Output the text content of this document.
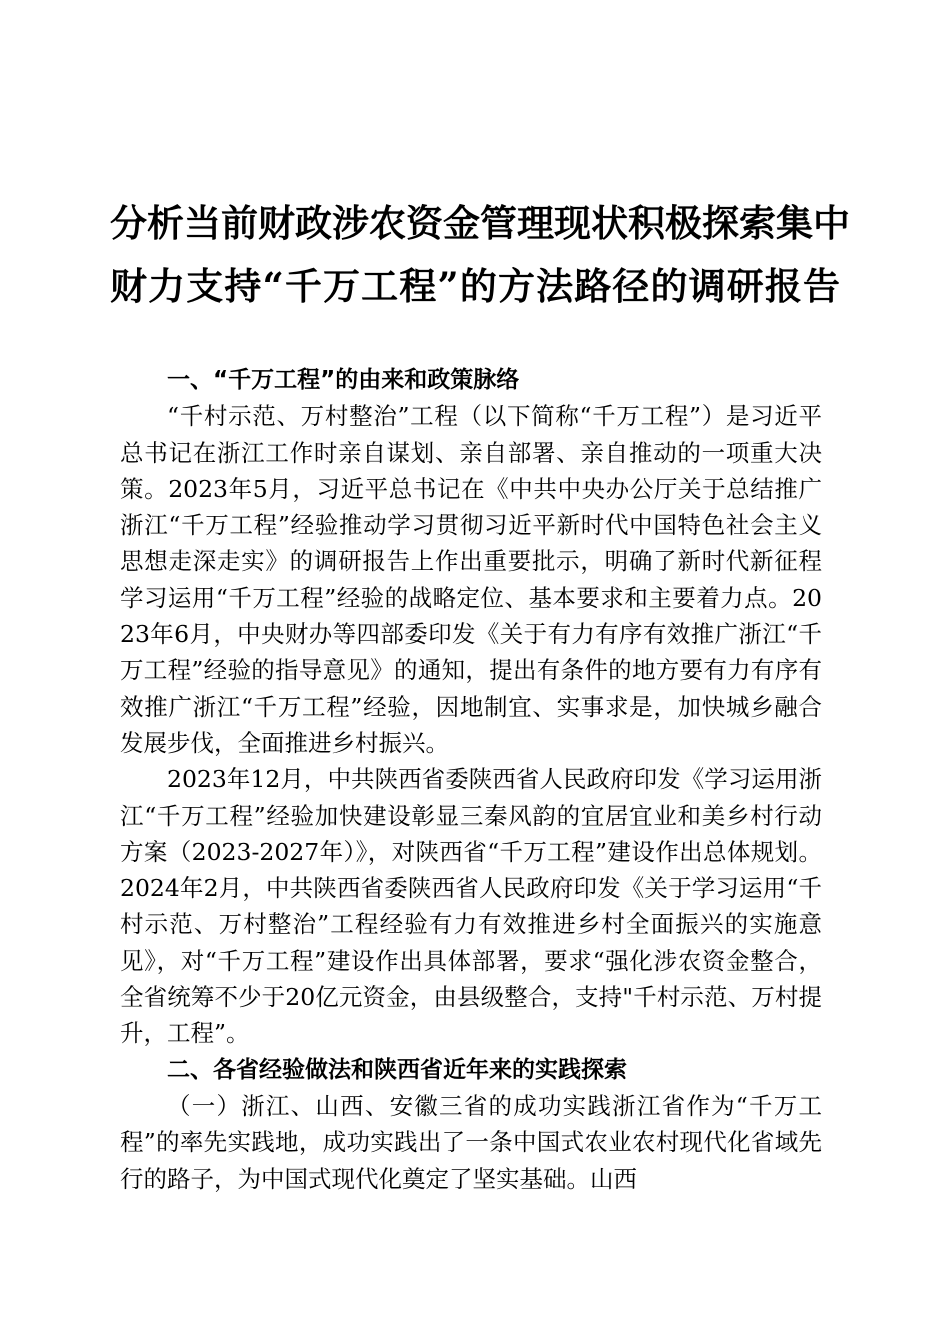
分析当前财政涉农资金管理现状积极探索集中
财力支持“千万工程”的方法路径的调研报告

一、“千万工程”的由来和政策脉络

“千村示范、万村整治”工程（以下简称“千万工程”）是习近平总书记在浙江工作时亲自谋划、亲自部署、亲自推动的一项重大决策。2023年5月，习近平总书记在《中共中央办公厅关于总结推广浙江“千万工程”经验推动学习贯彻习近平新时代中国特色社会主义思想走深走实》的调研报告上作出重要批示，明确了新时代新征程学习运用“千万工程”经验的战略定位、基本要求和主要着力点。2023年6月，中央财办等四部委印发《关于有力有序有效推广浙江“千万工程”经验的指导意见》的通知，提出有条件的地方要有力有序有效推广浙江“千万工程”经验，因地制宜、实事求是，加快城乡融合发展步伐，全面推进乡村振兴。

2023年12月，中共陕西省委陕西省人民政府印发《学习运用浙江“千万工程”经验加快建设彰显三秦风韵的宜居宜业和美乡村行动方案（2023-2027年）》，对陕西省“千万工程”建设作出总体规划。2024年2月，中共陕西省委陕西省人民政府印发《关于学习运用“千村示范、万村整治”工程经验有力有效推进乡村全面振兴的实施意见》，对“千万工程”建设作出具体部署，要求“强化涉农资金整合，全省统筹不少于20亿元资金，由县级整合，支持"千村示范、万村提升，工程”。

二、各省经验做法和陕西省近年来的实践探索

（一）浙江、山西、安徽三省的成功实践浙江省作为“千万工程”的率先实践地，成功实践出了一条中国式农业农村现代化省域先行的路子，为中国式现代化奠定了坚实基础。山西
